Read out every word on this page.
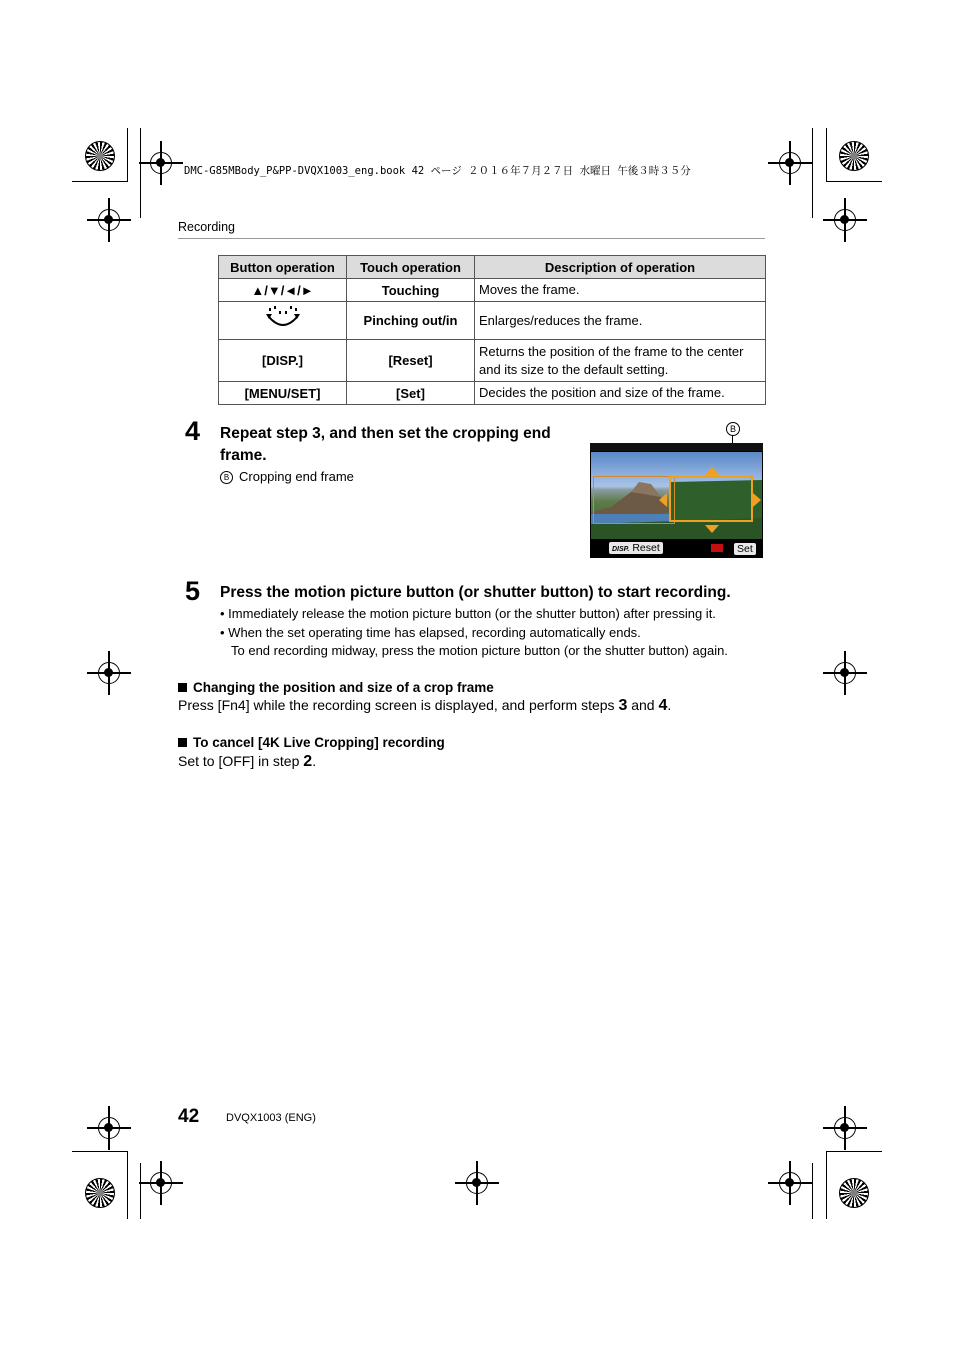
DMC-G85MBody_P&PP-DVQX1003_eng.book 42 ページ ２０１６年７月２７日 水曜日 午後３時３５分
Recording
Button operation	Touch operation	Description of operation
▲/▼/◄/►	Touching	Moves the frame.
	Pinching out/in	Enlarges/reduces the frame.
[DISP.]	[Reset]	Returns the position of the frame to the center and its size to the default setting.
[MENU/SET]	[Set]	Decides the position and size of the frame.
4 Repeat step 3, and then set the cropping end frame.
B Cropping end frame
B
DISP. Reset	Set
5 Press the motion picture button (or shutter button) to start recording.
• Immediately release the motion picture button (or the shutter button) after pressing it.
• When the set operating time has elapsed, recording automatically ends.
To end recording midway, press the motion picture button (or the shutter button) again.
Changing the position and size of a crop frame
Press [Fn4] while the recording screen is displayed, and perform steps 3 and 4.
To cancel [4K Live Cropping] recording
Set to [OFF] in step 2.
42 DVQX1003 (ENG)
